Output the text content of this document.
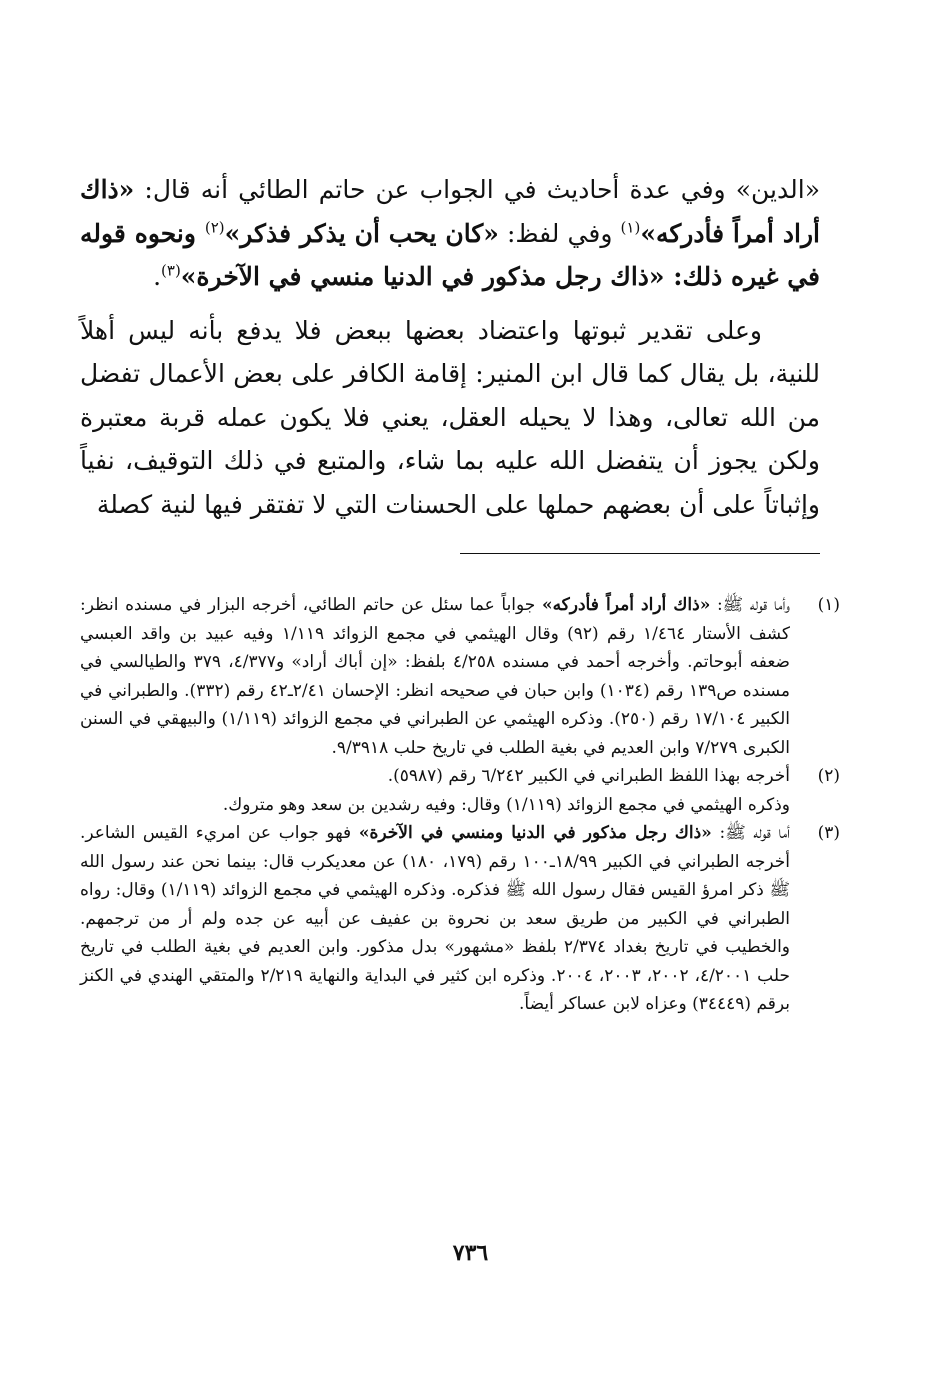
«الدين» وفي عدة أحاديث في الجواب عن حاتم الطائي أنه قال: «ذاك أراد أمراً فأدركه»$^{(١)}$ وفي لفظ: «كان يحب أن يذكر فذكر»$^{(٢)}$ ونحوه قوله في غيره ذلك: «ذاك رجل مذكور في الدنيا منسي في الآخرة»$^{(٣)}$.

وعلى تقدير ثبوتها واعتضاد بعضها ببعض فلا يدفع بأنه ليس أهلاً للنية، بل يقال كما قال ابن المنير: إقامة الكافر على بعض الأعمال تفضل من الله تعالى، وهذا لا يحيله العقل، يعني فلا يكون عمله قربة معتبرة ولكن يجوز أن يتفضل الله عليه بما شاء، والمتبع في ذلك التوقيف، نفياً وإثباتاً على أن بعضهم حملها على الحسنات التي لا تفتقر فيها لنية كصلة

(١)
وأما قوله ﷺ: «ذاك أراد أمراً فأدركه» جواباً عما سئل عن حاتم الطائي، أخرجه البزار في مسنده انظر: كشف الأستار ١/٤٦٤ رقم (٩٢) وقال الهيثمي في مجمع الزوائد ١/١١٩ وفيه عبيد بن واقد العبسي ضعفه أبوحاتم. وأخرجه أحمد في مسنده ٤/٢٥٨ بلفظ: «إن أباك أراد» و٤/٣٧٧، ٣٧٩ والطيالسي في مسنده ص١٣٩ رقم (١٠٣٤) وابن حبان في صحيحه انظر: الإحسان ٢/٤١ـ٤٢ رقم (٣٣٢). والطبراني في الكبير ١٧/١٠٤ رقم (٢٥٠). وذكره الهيثمي عن الطبراني في مجمع الزوائد (١/١١٩) والبيهقي في السنن الكبرى ٧/٢٧٩ وابن العديم في بغية الطلب في تاريخ حلب ٩/٣٩١٨.
(٢)
أخرجه بهذا اللفظ الطبراني في الكبير ٦/٢٤٢ رقم (٥٩٨٧).
وذكره الهيثمي في مجمع الزوائد (١/١١٩) وقال: وفيه رشدين بن سعد وهو متروك.
(٣)
أما قوله ﷺ: «ذاك رجل مذكور في الدنيا ومنسي في الآخرة» فهو جواب عن امريء القيس الشاعر. أخرجه الطبراني في الكبير ١٨/٩٩ـ١٠٠ رقم (١٧٩، ١٨٠) عن معديكرب قال: بينما نحن عند رسول الله ﷺ ذكر امرؤ القيس فقال رسول الله ﷺ فذكره. وذكره الهيثمي في مجمع الزوائد (١/١١٩) وقال: رواه الطبراني في الكبير من طريق سعد بن نحروة بن عفيف عن أبيه عن جده ولم أر من ترجمهم. والخطيب في تاريخ بغداد ٢/٣٧٤ بلفظ «مشهور» بدل مذكور. وابن العديم في بغية الطلب في تاريخ حلب ٤/٢٠٠١، ٢٠٠٢، ٢٠٠٣، ٢٠٠٤. وذكره ابن كثير في البداية والنهاية ٢/٢١٩ والمتقي الهندي في الكنز برقم (٣٤٤٤٩) وعزاه لابن عساكر أيضاً.
٧٣٦
